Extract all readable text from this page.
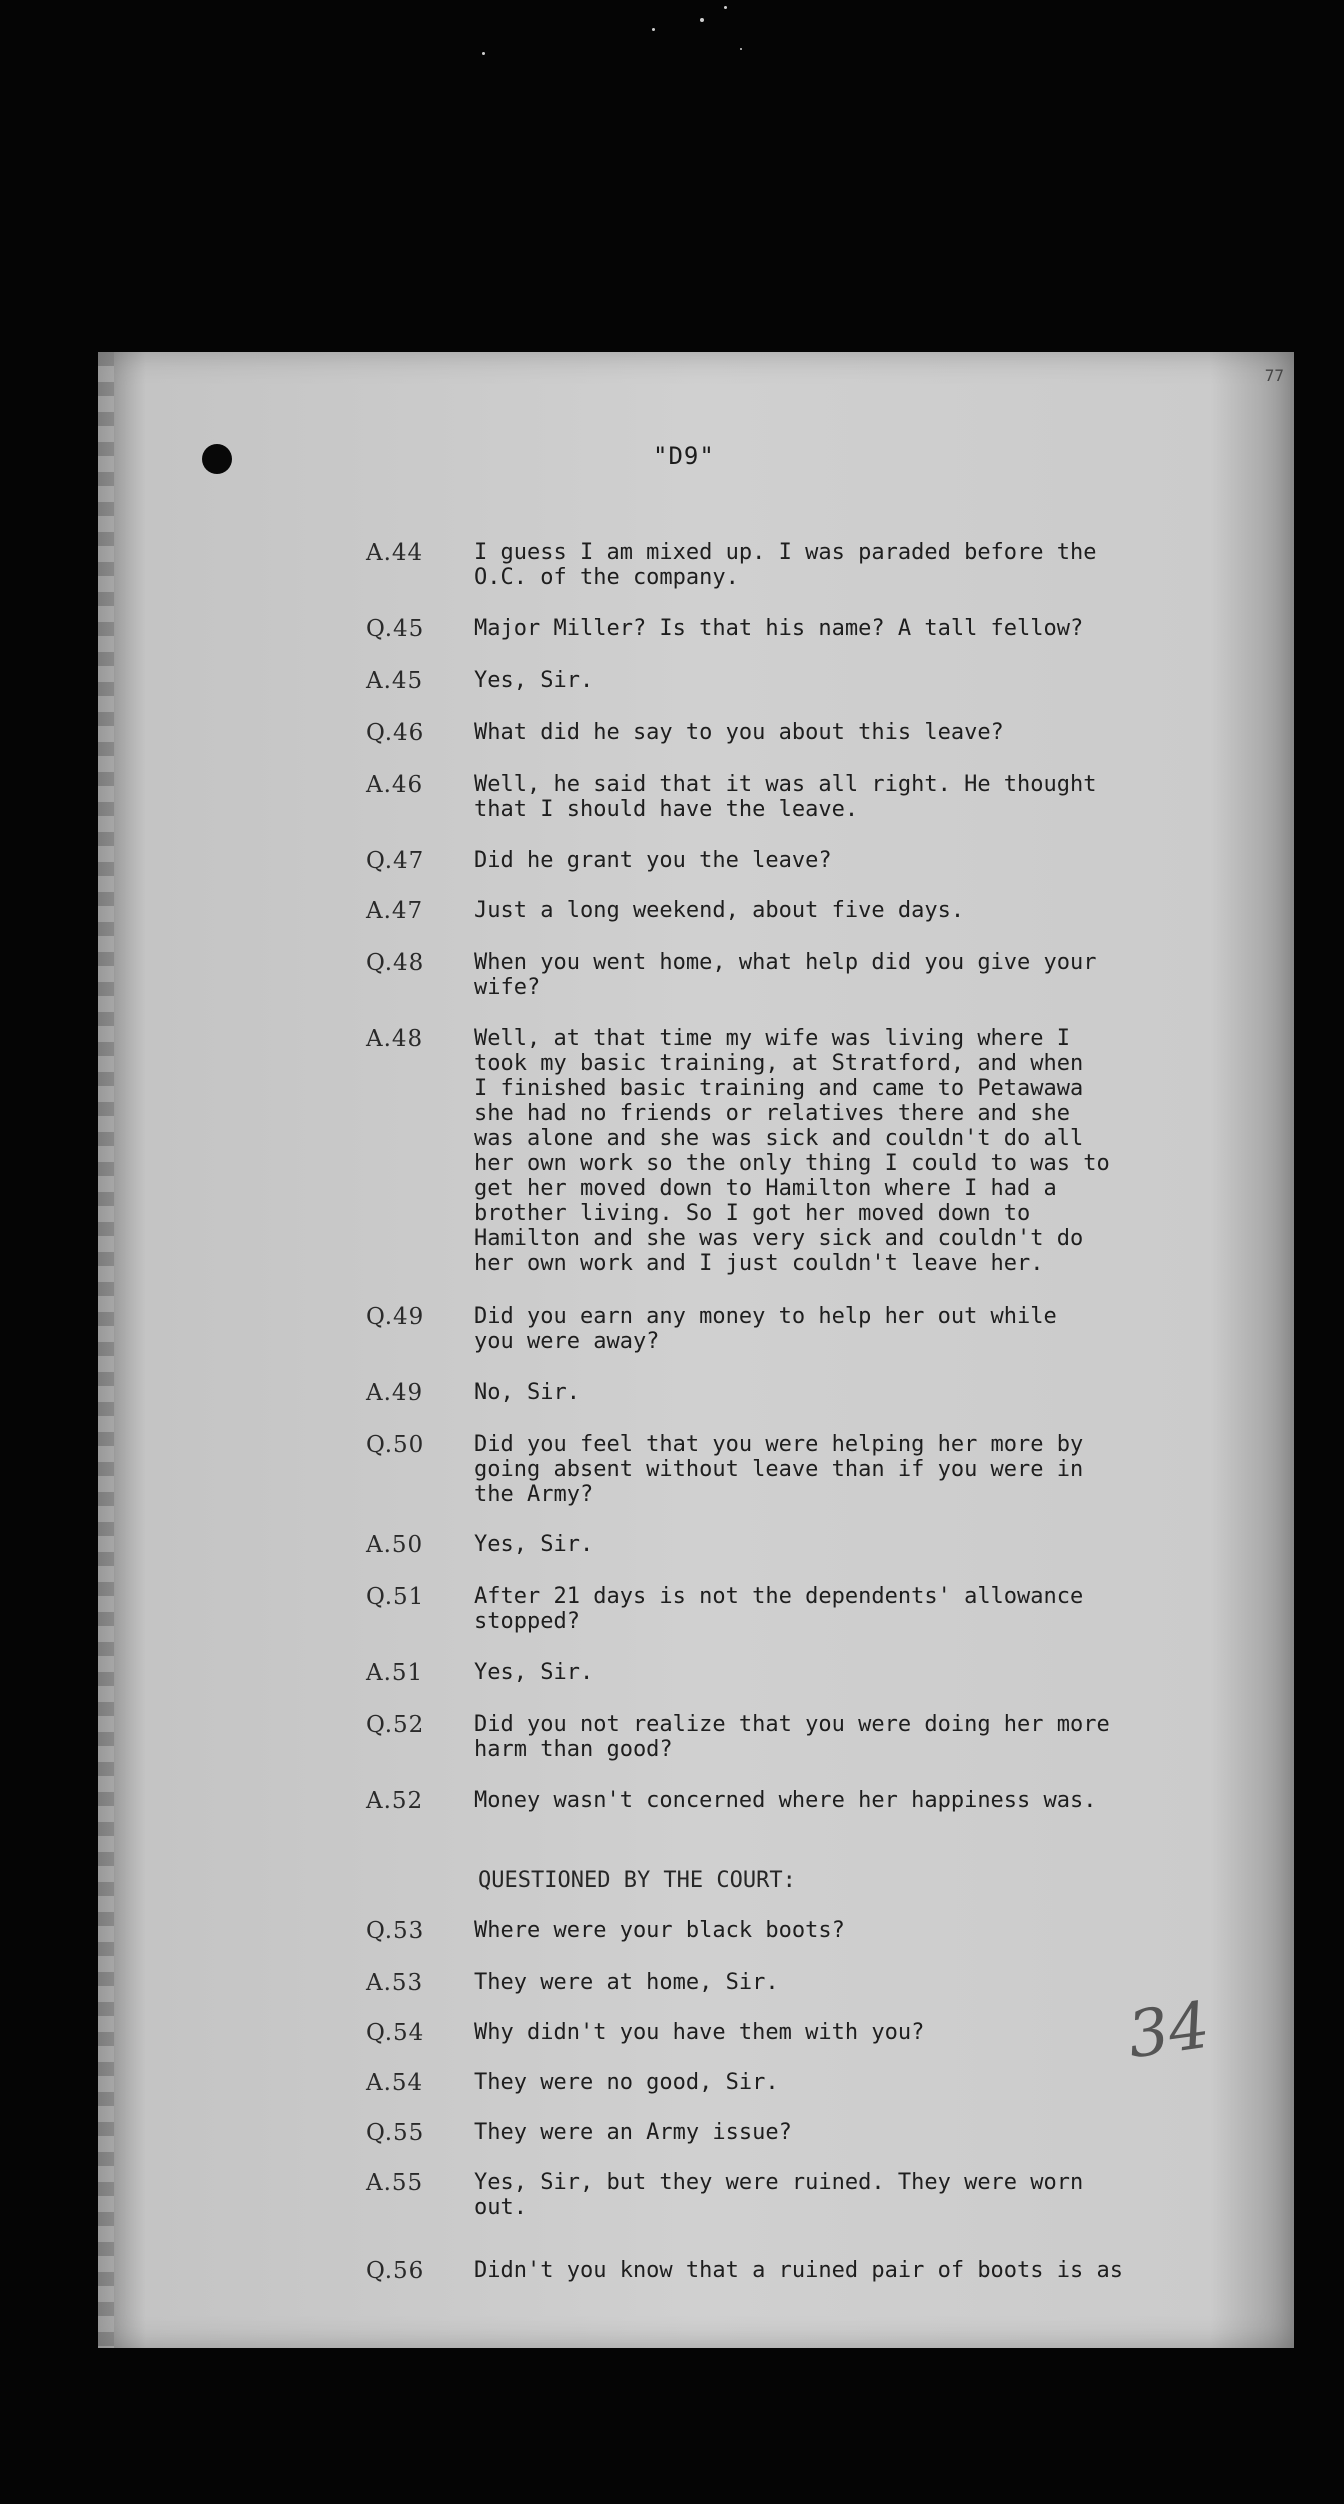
77
"D9"
A.44 I guess I am mixed up. I was paraded before the
O.C. of the company.
Q.45 Major Miller? Is that his name? A tall fellow?
A.45 Yes, Sir.
Q.46 What did he say to you about this leave?
A.46 Well, he said that it was all right. He thought
that I should have the leave.
Q.47 Did he grant you the leave?
A.47 Just a long weekend, about five days.
Q.48 When you went home, what help did you give your
wife?
A.48 Well, at that time my wife was living where I
took my basic training, at Stratford, and when
I finished basic training and came to Petawawa
she had no friends or relatives there and she
was alone and she was sick and couldn't do all
her own work so the only thing I could to was to
get her moved down to Hamilton where I had a
brother living. So I got her moved down to
Hamilton and she was very sick and couldn't do
her own work and I just couldn't leave her.
Q.49 Did you earn any money to help her out while
you were away?
A.49 No, Sir.
Q.50 Did you feel that you were helping her more by
going absent without leave than if you were in
the Army?
A.50 Yes, Sir.
Q.51 After 21 days is not the dependents' allowance
stopped?
A.51 Yes, Sir.
Q.52 Did you not realize that you were doing her more
harm than good?
A.52 Money wasn't concerned where her happiness was.
QUESTIONED BY THE COURT:
Q.53 Where were your black boots?
A.53 They were at home, Sir.
Q.54 Why didn't you have them with you?
A.54 They were no good, Sir.
Q.55 They were an Army issue?
A.55 Yes, Sir, but they were ruined. They were worn
out.
Q.56 Didn't you know that a ruined pair of boots is as
34
